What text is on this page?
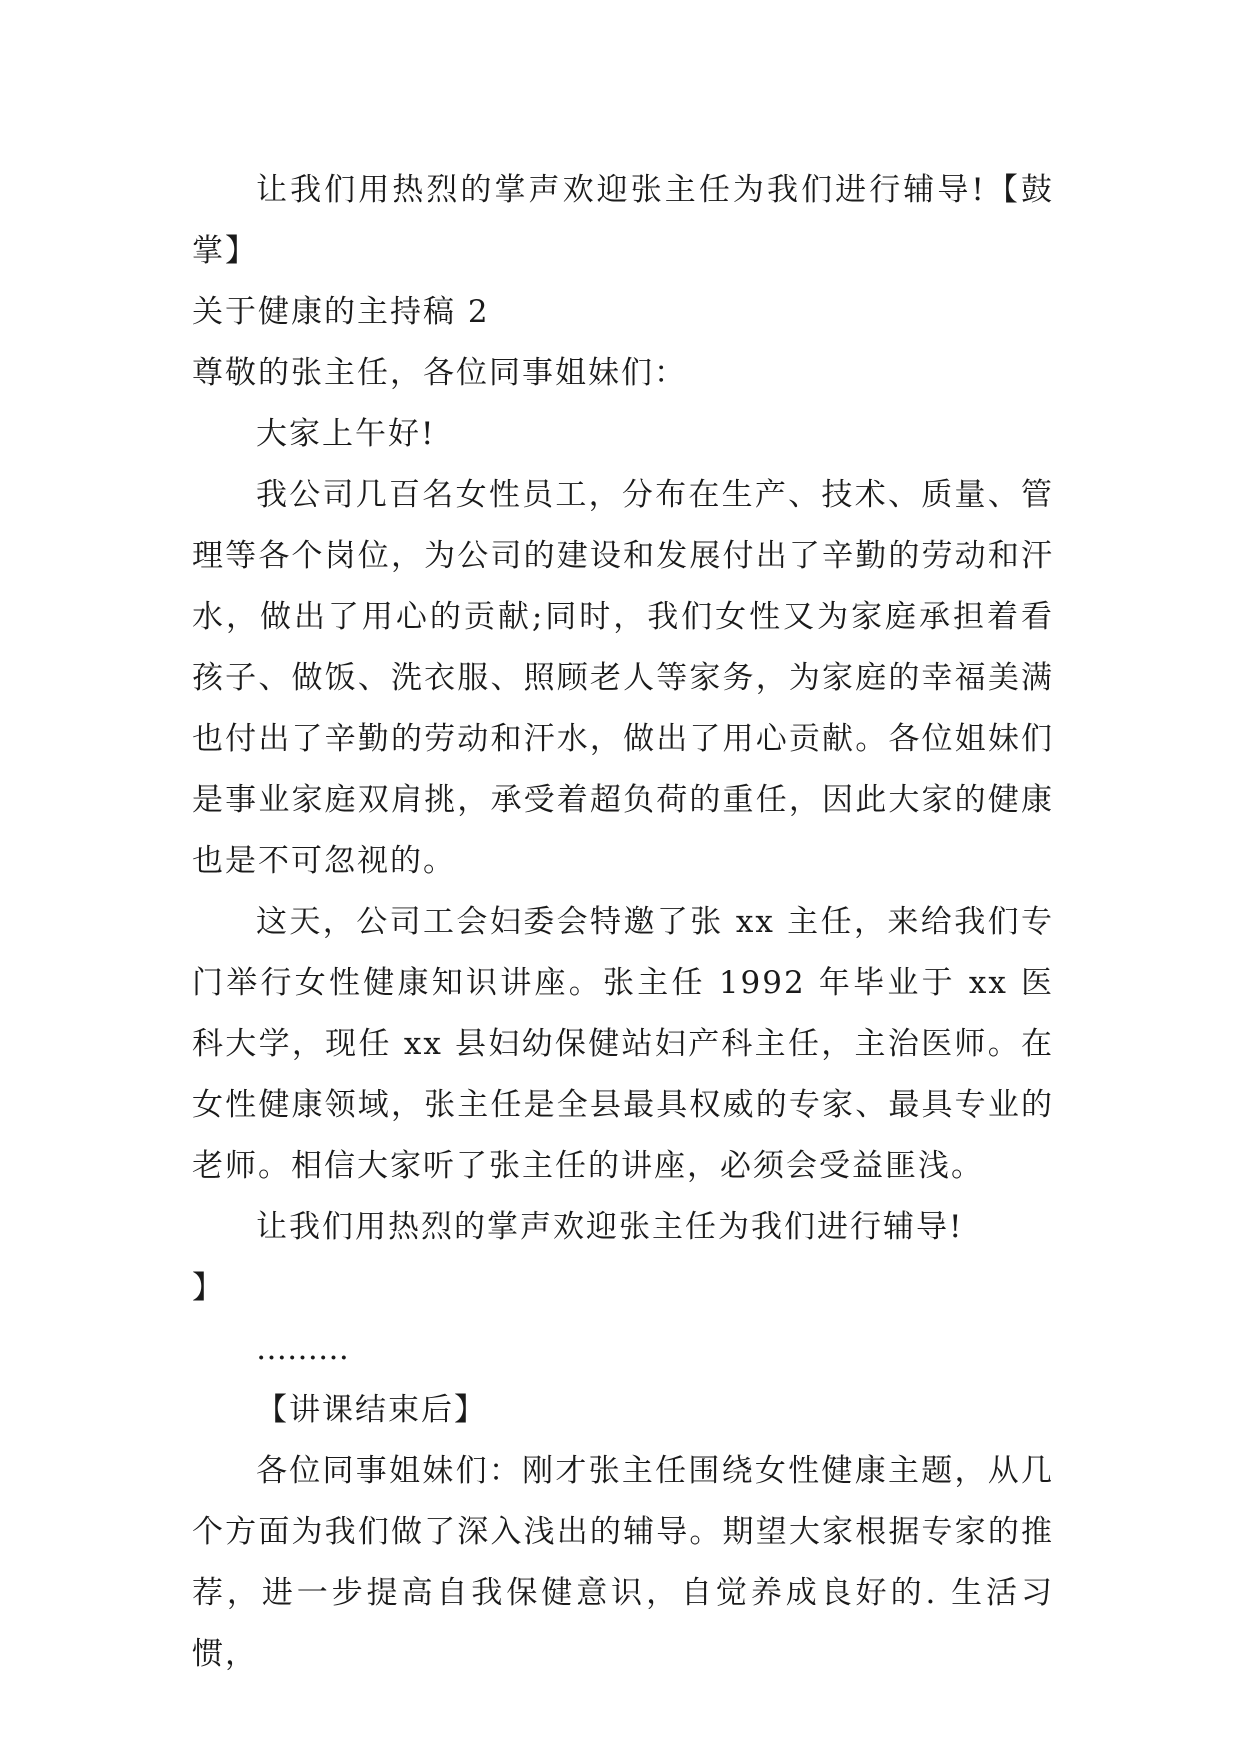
让我们用热烈的掌声欢迎张主任为我们进行辅导!【鼓掌】

关于健康的主持稿 2

尊敬的张主任，各位同事姐妹们：

大家上午好!

我公司几百名女性员工，分布在生产、技术、质量、管理等各个岗位，为公司的建设和发展付出了辛勤的劳动和汗水，做出了用心的贡献;同时，我们女性又为家庭承担着看孩子、做饭、洗衣服、照顾老人等家务，为家庭的幸福美满也付出了辛勤的劳动和汗水，做出了用心贡献。各位姐妹们是事业家庭双肩挑，承受着超负荷的重任，因此大家的健康也是不可忽视的。

这天，公司工会妇委会特邀了张 xx 主任，来给我们专门举行女性健康知识讲座。张主任 1992 年毕业于 xx 医科大学，现任 xx 县妇幼保健站妇产科主任，主治医师。在女性健康领域，张主任是全县最具权威的专家、最具专业的老师。相信大家听了张主任的讲座，必须会受益匪浅。

让我们用热烈的掌声欢迎张主任为我们进行辅导!

】

………

【讲课结束后】

各位同事姐妹们：刚才张主任围绕女性健康主题，从几个方面为我们做了深入浅出的辅导。期望大家根据专家的推荐，进一步提高自我保健意识，自觉养成良好的. 生活习惯，
